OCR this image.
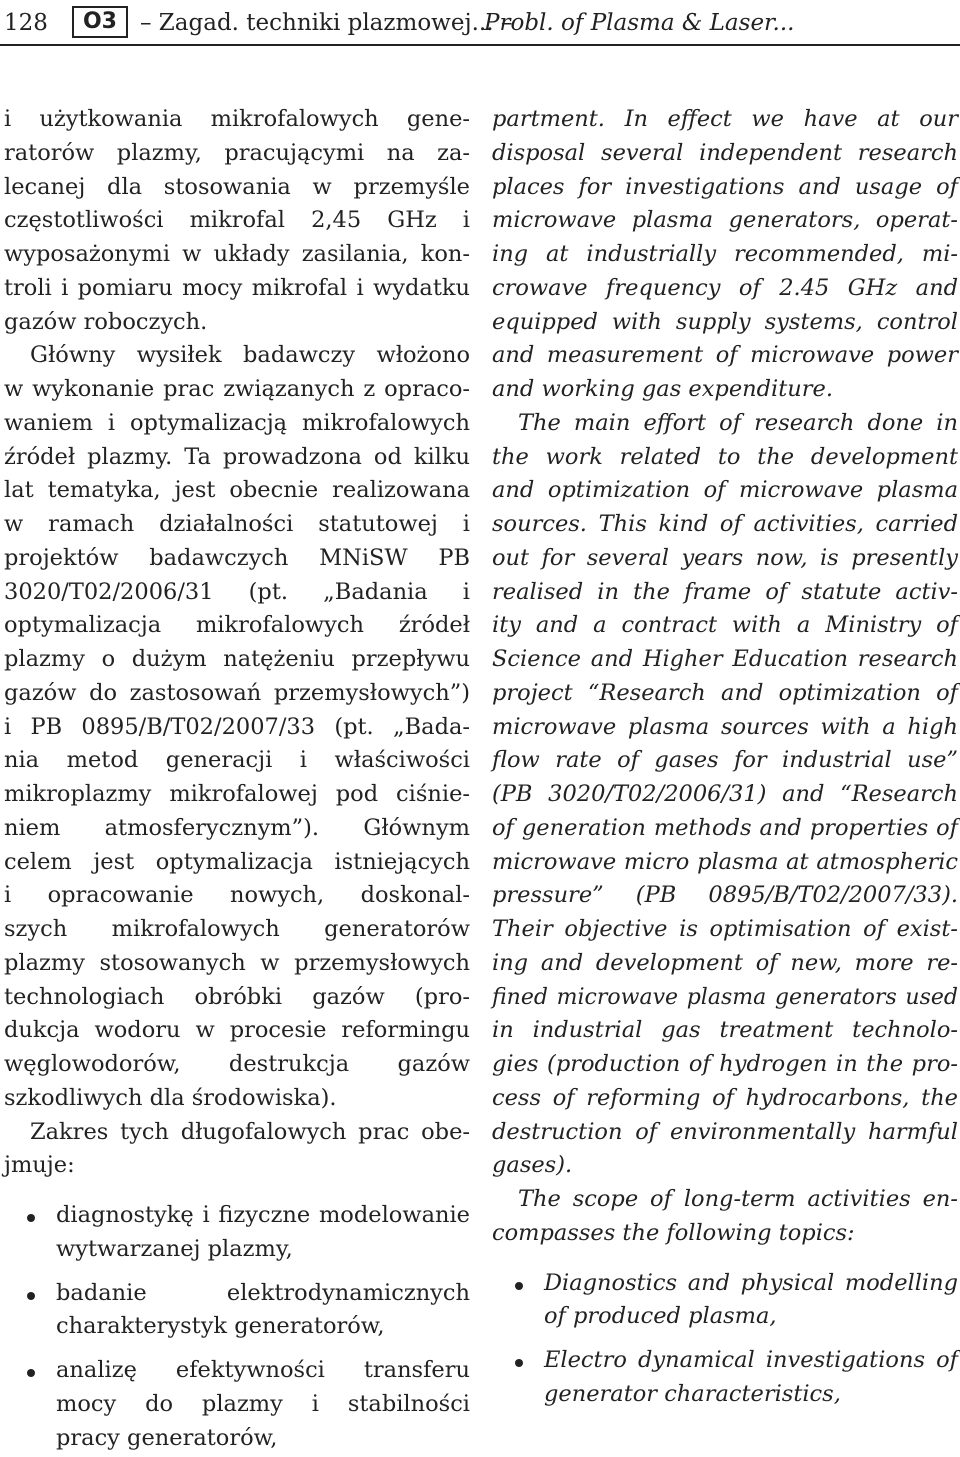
128	O3	– Zagad. techniki plazmowej... –
Probl. of Plasma & Laser...
i użytkowania mikrofalowych gene-
ratorów plazmy, pracującymi na za-
lecanej dla stosowania w przemyśle
częstotliwości mikrofal 2,45 GHz i
wyposażonymi w układy zasilania, kon-
troli i pomiaru mocy mikrofal i wydatku
gazów roboczych.
Główny wysiłek badawczy włożono
w wykonanie prac związanych z opraco-
waniem i optymalizacją mikrofalowych
źródeł plazmy. Ta prowadzona od kilku
lat tematyka, jest obecnie realizowana
w ramach działalności statutowej i
projektów badawczych MNiSW PB
3020/T02/2006/31 (pt. „Badania i
optymalizacja mikrofalowych źródeł
plazmy o dużym natężeniu przepływu
gazów do zastosowań przemysłowych”)
i PB 0895/B/T02/2007/33 (pt. „Bada-
nia metod generacji i właściwości
mikroplazmy mikrofalowej pod ciśnie-
niem atmosferycznym”). Głównym
celem jest optymalizacja istniejących
i opracowanie nowych, doskonal-
szych mikrofalowych generatorów
plazmy stosowanych w przemysłowych
technologiach obróbki gazów (pro-
dukcja wodoru w procesie reformingu
węglowodorów, destrukcja gazów
szkodliwych dla środowiska).
Zakres tych długofalowych prac obe-
jmuje:
diagnostykę i fizyczne modelowanie
wytwarzanej plazmy,
badanie elektrodynamicznych
charakterystyk generatorów,
analizę efektywności transferu
mocy do plazmy i stabilności
pracy generatorów,
partment. In effect we have at our
disposal several independent research
places for investigations and usage of
microwave plasma generators, operat-
ing at industrially recommended, mi-
crowave frequency of 2.45 GHz and
equipped with supply systems, control
and measurement of microwave power
and working gas expenditure.
The main effort of research done in
the work related to the development
and optimization of microwave plasma
sources. This kind of activities, carried
out for several years now, is presently
realised in the frame of statute activ-
ity and a contract with a Ministry of
Science and Higher Education research
project “Research and optimization of
microwave plasma sources with a high
flow rate of gases for industrial use”
(PB 3020/T02/2006/31) and “Research
of generation methods and properties of
microwave micro plasma at atmospheric
pressure” (PB 0895/B/T02/2007/33).
Their objective is optimisation of exist-
ing and development of new, more re-
fined microwave plasma generators used
in industrial gas treatment technolo-
gies (production of hydrogen in the pro-
cess of reforming of hydrocarbons, the
destruction of environmentally harmful
gases).
The scope of long-term activities en-
compasses the following topics:
Diagnostics and physical modelling
of produced plasma,
Electro dynamical investigations of
generator characteristics,
